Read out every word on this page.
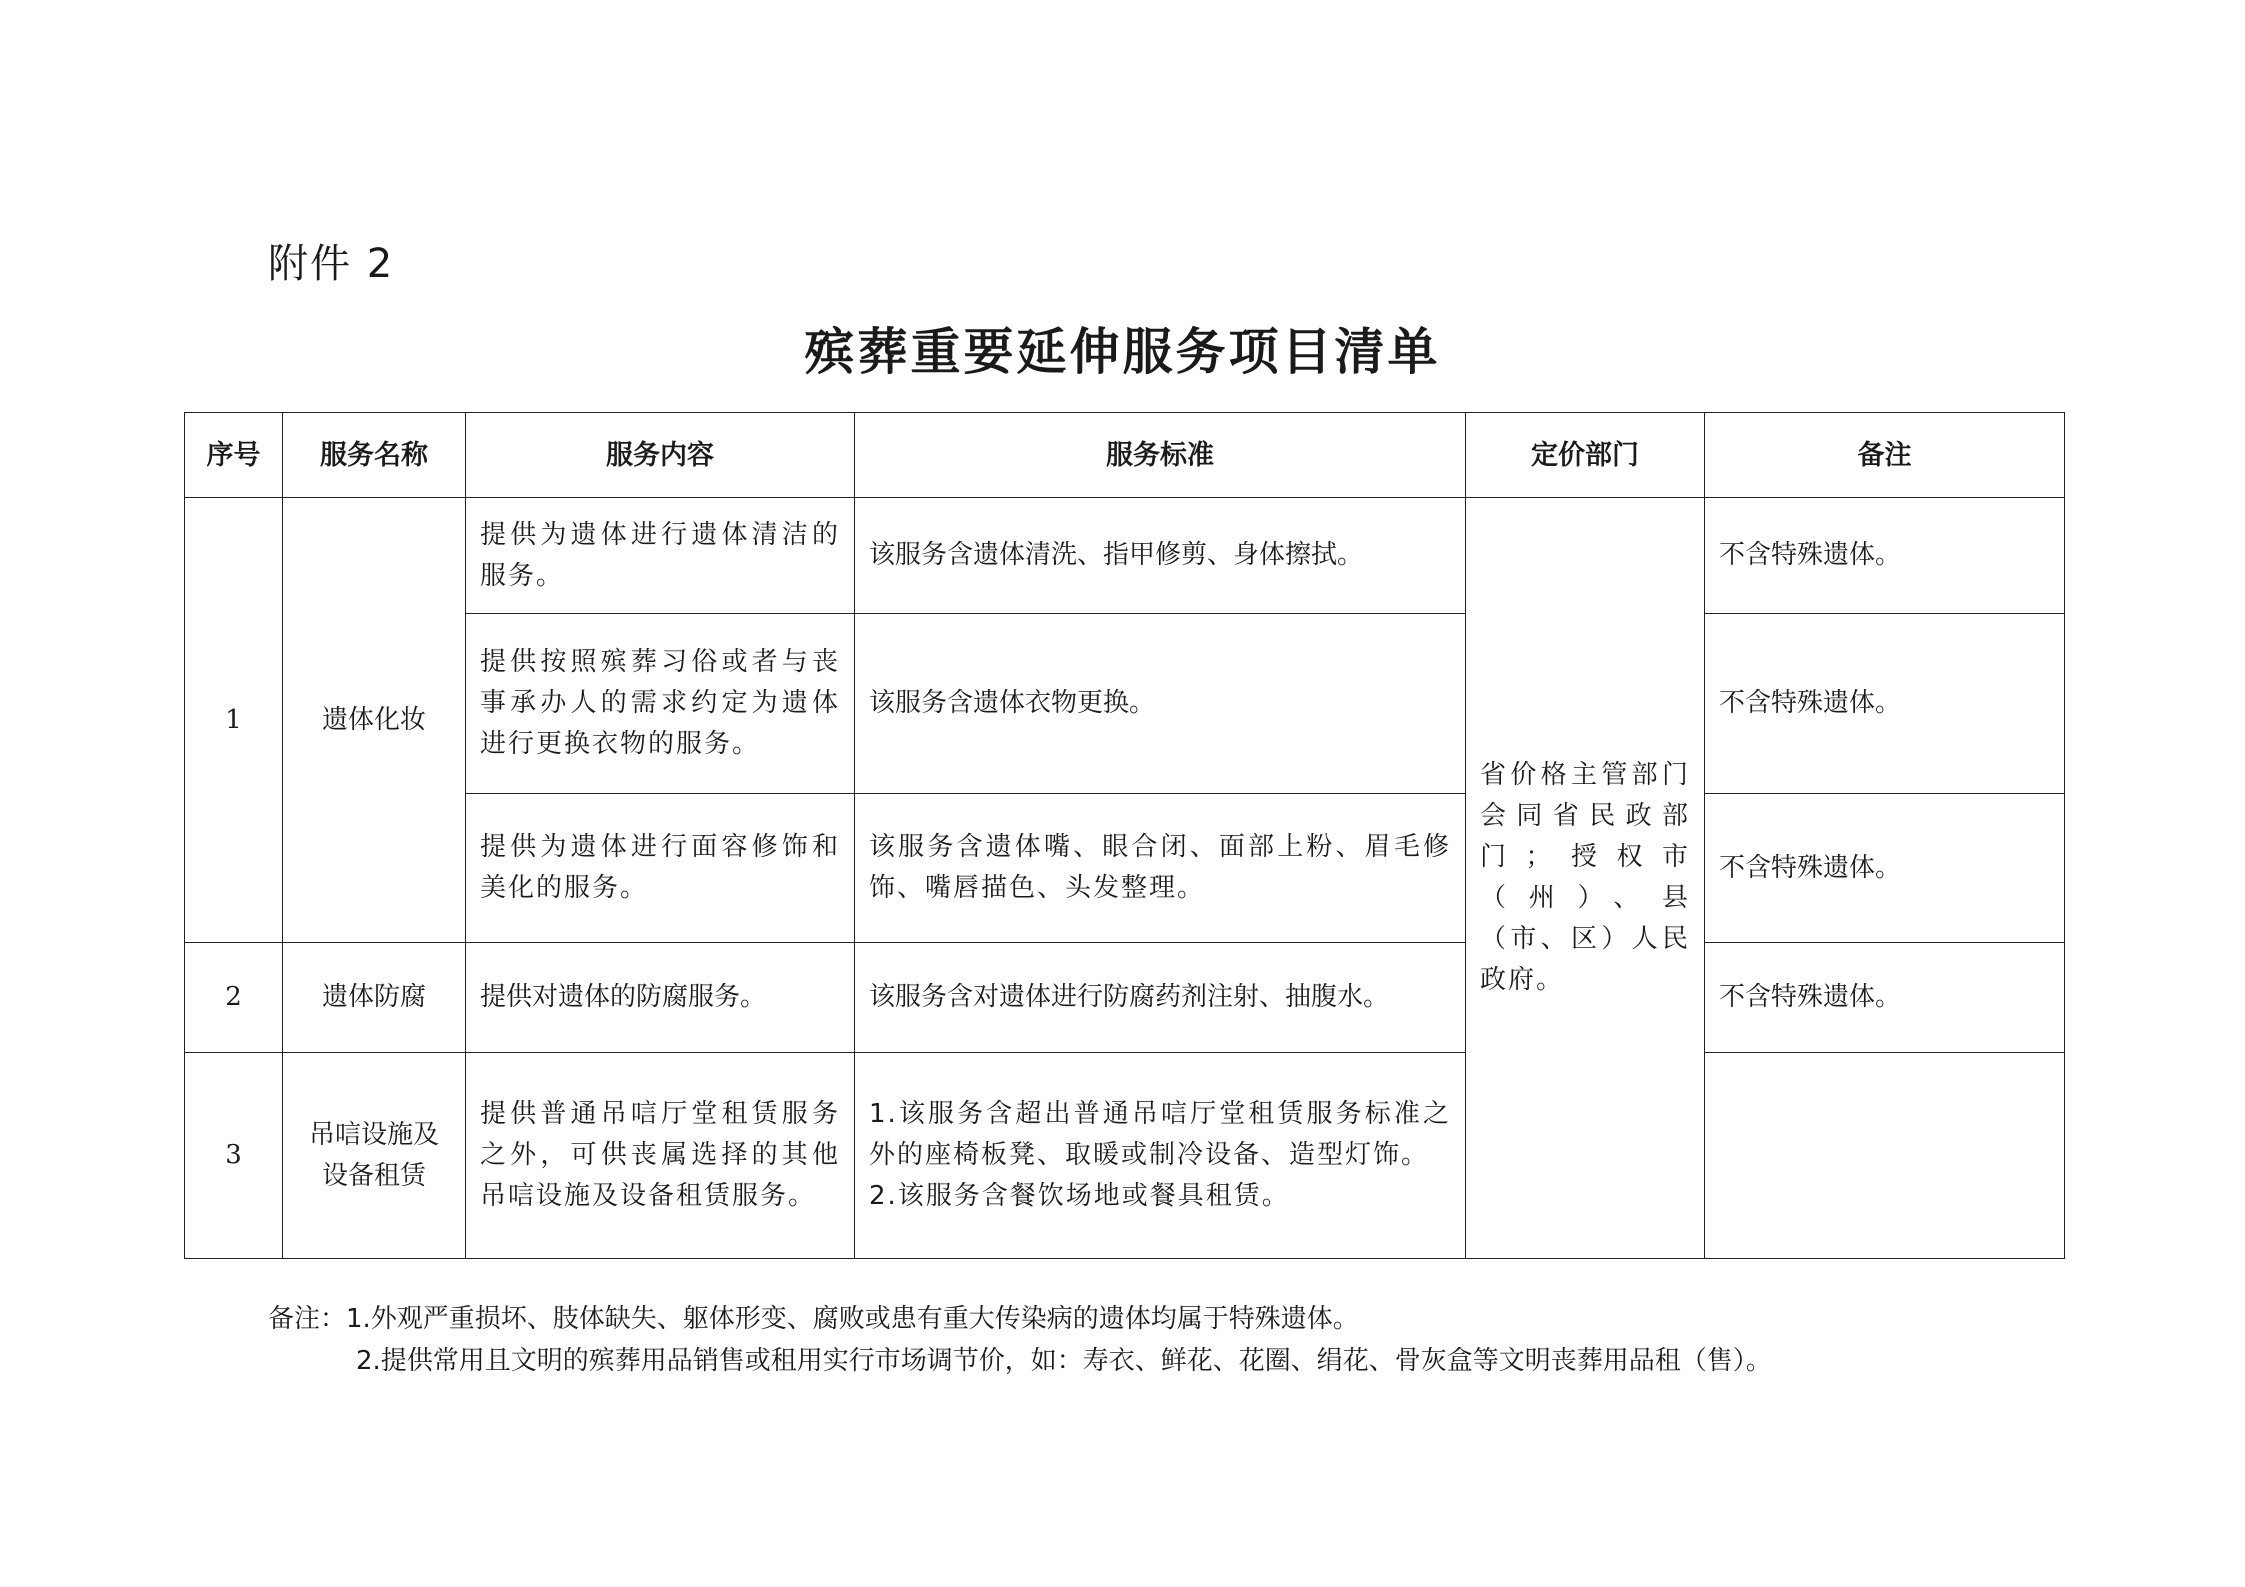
附件 2
殡葬重要延伸服务项目清单
序号	服务名称	服务内容	服务标准	定价部门	备注
1	遗体化妆	提供为遗体进行遗体清洁的服务。	该服务含遗体清洗、指甲修剪、身体擦拭。	省价格主管部门会同省民政部门；授权市（州）、县（市、区）人民政府。	不含特殊遗体。
		提供按照殡葬习俗或者与丧事承办人的需求约定为遗体进行更换衣物的服务。	该服务含遗体衣物更换。		不含特殊遗体。
		提供为遗体进行面容修饰和美化的服务。	该服务含遗体嘴、眼合闭、面部上粉、眉毛修饰、嘴唇描色、头发整理。		不含特殊遗体。
2	遗体防腐	提供对遗体的防腐服务。	该服务含对遗体进行防腐药剂注射、抽腹水。		不含特殊遗体。
3	吊唁设施及设备租赁	提供普通吊唁厅堂租赁服务之外，可供丧属选择的其他吊唁设施及设备租赁服务。	1.该服务含超出普通吊唁厅堂租赁服务标准之外的座椅板凳、取暖或制冷设备、造型灯饰。
2.该服务含餐饮场地或餐具租赁。		

备注：1.外观严重损坏、肢体缺失、躯体形变、腐败或患有重大传染病的遗体均属于特殊遗体。
2.提供常用且文明的殡葬用品销售或租用实行市场调节价，如：寿衣、鲜花、花圈、绢花、骨灰盒等文明丧葬用品租（售）。
